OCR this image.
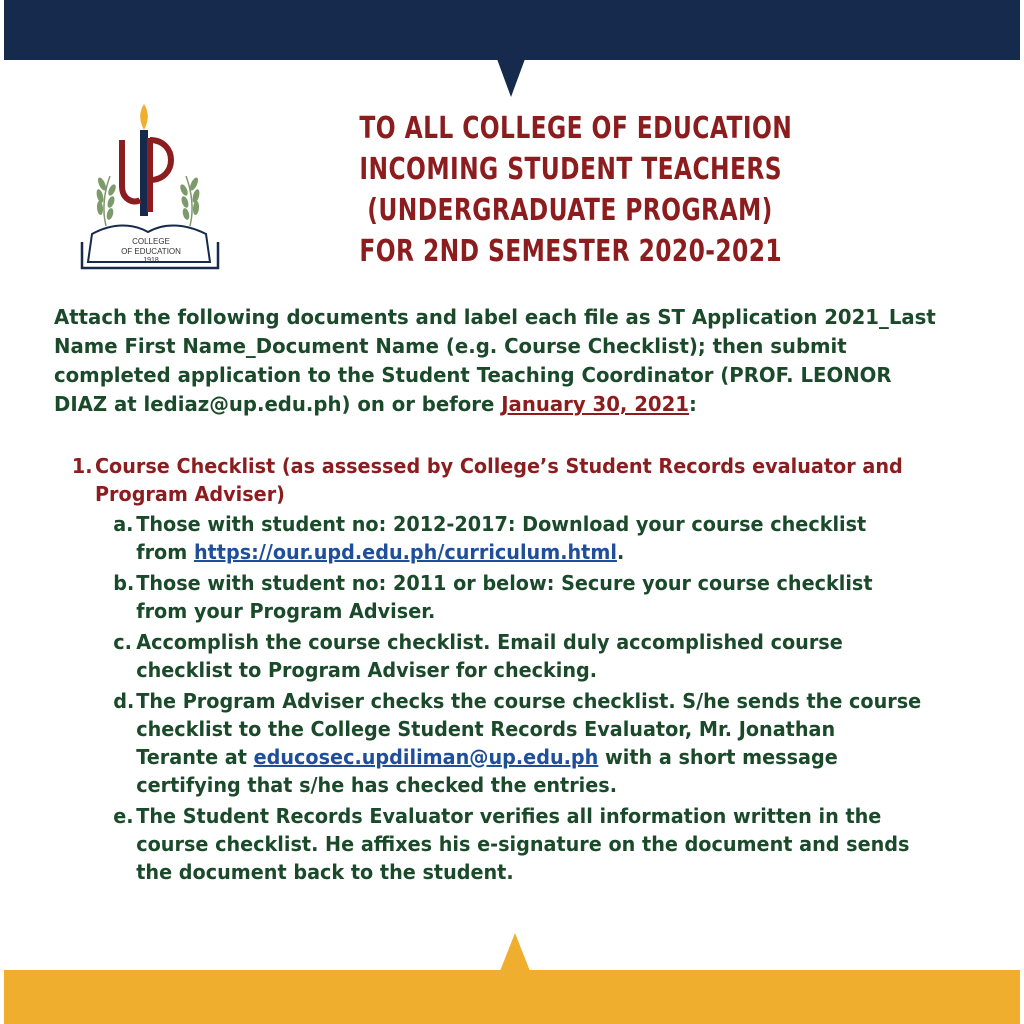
COLLEGE
OF EDUCATION
1918
TO ALL COLLEGE OF EDUCATION
INCOMING STUDENT TEACHERS
(UNDERGRADUATE PROGRAM)
FOR 2ND SEMESTER 2020-2021
Attach the following documents and label each file as ST Application 2021_Last Name First Name_Document Name (e.g. Course Checklist); then submit completed application to the Student Teaching Coordinator (PROF. LEONOR DIAZ at lediaz@up.edu.ph) on or before January 30, 2021:
1. Course Checklist (as assessed by College’s Student Records evaluator and Program Adviser)
a. Those with student no: 2012-2017: Download your course checklist from https://our.upd.edu.ph/curriculum.html.
b. Those with student no: 2011 or below: Secure your course checklist from your Program Adviser.
c. Accomplish the course checklist. Email duly accomplished course checklist to Program Adviser for checking.
d. The Program Adviser checks the course checklist. S/he sends the course checklist to the College Student Records Evaluator, Mr. Jonathan Terante at educosec.updiliman@up.edu.ph with a short message certifying that s/he has checked the entries.
e. The Student Records Evaluator verifies all information written in the course checklist. He affixes his e-signature on the document and sends the document back to the student.
